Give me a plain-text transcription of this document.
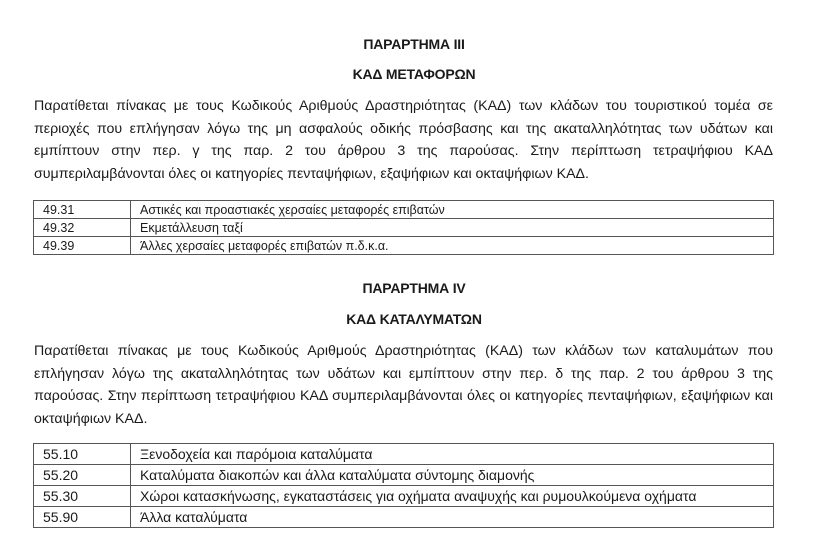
ΠΑΡΑΡΤΗΜΑ ΙΙΙ
ΚΑΔ ΜΕΤΑΦΟΡΩΝ
Παρατίθεται πίνακας με τους Κωδικούς Αριθμούς Δραστηριότητας (ΚΑΔ) των κλάδων του τουριστικού τομέα σε περιοχές που επλήγησαν λόγω της μη ασφαλούς οδικής πρόσβασης και της ακαταλληλότητας των υδάτων και εμπίπτουν στην περ. γ της παρ. 2 του άρθρου 3 της παρούσας. Στην περίπτωση τετραψήφιου ΚΑΔ συμπεριλαμβάνονται όλες οι κατηγορίες πενταψήφιων, εξαψήφιων και οκταψήφιων ΚΑΔ.
49.31	Αστικές και προαστιακές χερσαίες μεταφορές επιβατών
49.32	Εκμετάλλευση ταξί
49.39	Άλλες χερσαίες μεταφορές επιβατών π.δ.κ.α.
ΠΑΡΑΡΤΗΜΑ ΙV
ΚΑΔ ΚΑΤΑΛΥΜΑΤΩΝ
Παρατίθεται πίνακας με τους Κωδικούς Αριθμούς Δραστηριότητας (ΚΑΔ) των κλάδων των καταλυμάτων που επλήγησαν λόγω της ακαταλληλότητας των υδάτων και εμπίπτουν στην περ. δ της παρ. 2 του άρθρου 3 της παρούσας. Στην περίπτωση τετραψήφιου ΚΑΔ συμπεριλαμβάνονται όλες οι κατηγορίες πενταψήφιων, εξαψήφιων και οκταψήφιων ΚΑΔ.
55.10	Ξενοδοχεία και παρόμοια καταλύματα
55.20	Καταλύματα διακοπών και άλλα καταλύματα σύντομης διαμονής
55.30	Χώροι κατασκήνωσης, εγκαταστάσεις για οχήματα αναψυχής και ρυμουλκούμενα οχήματα
55.90	Άλλα καταλύματα
